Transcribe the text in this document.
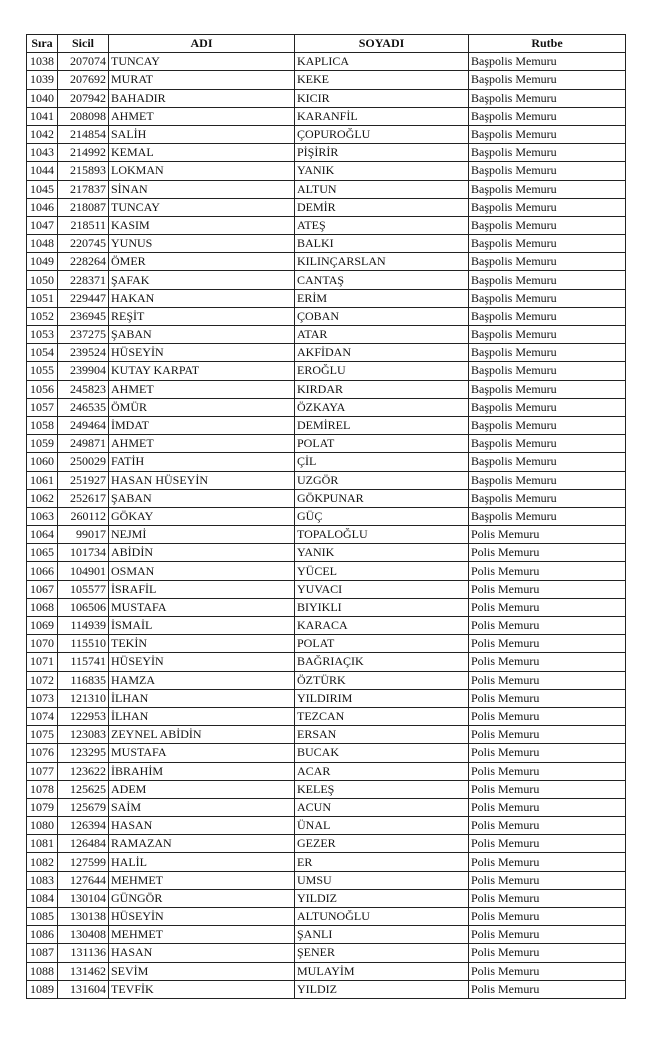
Sıra	Sicil	ADI	SOYADI	Rutbe
1038	207074	TUNCAY	KAPLICA	Başpolis Memuru
1039	207692	MURAT	KEKE	Başpolis Memuru
1040	207942	BAHADIR	KICIR	Başpolis Memuru
1041	208098	AHMET	KARANFİL	Başpolis Memuru
1042	214854	SALİH	ÇOPUROĞLU	Başpolis Memuru
1043	214992	KEMAL	PİŞİRİR	Başpolis Memuru
1044	215893	LOKMAN	YANIK	Başpolis Memuru
1045	217837	SİNAN	ALTUN	Başpolis Memuru
1046	218087	TUNCAY	DEMİR	Başpolis Memuru
1047	218511	KASIM	ATEŞ	Başpolis Memuru
1048	220745	YUNUS	BALKI	Başpolis Memuru
1049	228264	ÖMER	KILINÇARSLAN	Başpolis Memuru
1050	228371	ŞAFAK	CANTAŞ	Başpolis Memuru
1051	229447	HAKAN	ERİM	Başpolis Memuru
1052	236945	REŞİT	ÇOBAN	Başpolis Memuru
1053	237275	ŞABAN	ATAR	Başpolis Memuru
1054	239524	HÜSEYİN	AKFİDAN	Başpolis Memuru
1055	239904	KUTAY KARPAT	EROĞLU	Başpolis Memuru
1056	245823	AHMET	KIRDAR	Başpolis Memuru
1057	246535	ÖMÜR	ÖZKAYA	Başpolis Memuru
1058	249464	İMDAT	DEMİREL	Başpolis Memuru
1059	249871	AHMET	POLAT	Başpolis Memuru
1060	250029	FATİH	ÇİL	Başpolis Memuru
1061	251927	HASAN HÜSEYİN	UZGÖR	Başpolis Memuru
1062	252617	ŞABAN	GÖKPUNAR	Başpolis Memuru
1063	260112	GÖKAY	GÜÇ	Başpolis Memuru
1064	99017	NEJMİ	TOPALOĞLU	Polis Memuru
1065	101734	ABİDİN	YANIK	Polis Memuru
1066	104901	OSMAN	YÜCEL	Polis Memuru
1067	105577	İSRAFİL	YUVACI	Polis Memuru
1068	106506	MUSTAFA	BIYIKLI	Polis Memuru
1069	114939	İSMAİL	KARACA	Polis Memuru
1070	115510	TEKİN	POLAT	Polis Memuru
1071	115741	HÜSEYİN	BAĞRIAÇIK	Polis Memuru
1072	116835	HAMZA	ÖZTÜRK	Polis Memuru
1073	121310	İLHAN	YILDIRIM	Polis Memuru
1074	122953	İLHAN	TEZCAN	Polis Memuru
1075	123083	ZEYNEL ABİDİN	ERSAN	Polis Memuru
1076	123295	MUSTAFA	BUCAK	Polis Memuru
1077	123622	İBRAHİM	ACAR	Polis Memuru
1078	125625	ADEM	KELEŞ	Polis Memuru
1079	125679	SAİM	ACUN	Polis Memuru
1080	126394	HASAN	ÜNAL	Polis Memuru
1081	126484	RAMAZAN	GEZER	Polis Memuru
1082	127599	HALİL	ER	Polis Memuru
1083	127644	MEHMET	UMSU	Polis Memuru
1084	130104	GÜNGÖR	YILDIZ	Polis Memuru
1085	130138	HÜSEYİN	ALTUNOĞLU	Polis Memuru
1086	130408	MEHMET	ŞANLI	Polis Memuru
1087	131136	HASAN	ŞENER	Polis Memuru
1088	131462	SEVİM	MULAYİM	Polis Memuru
1089	131604	TEVFİK	YILDIZ	Polis Memuru
